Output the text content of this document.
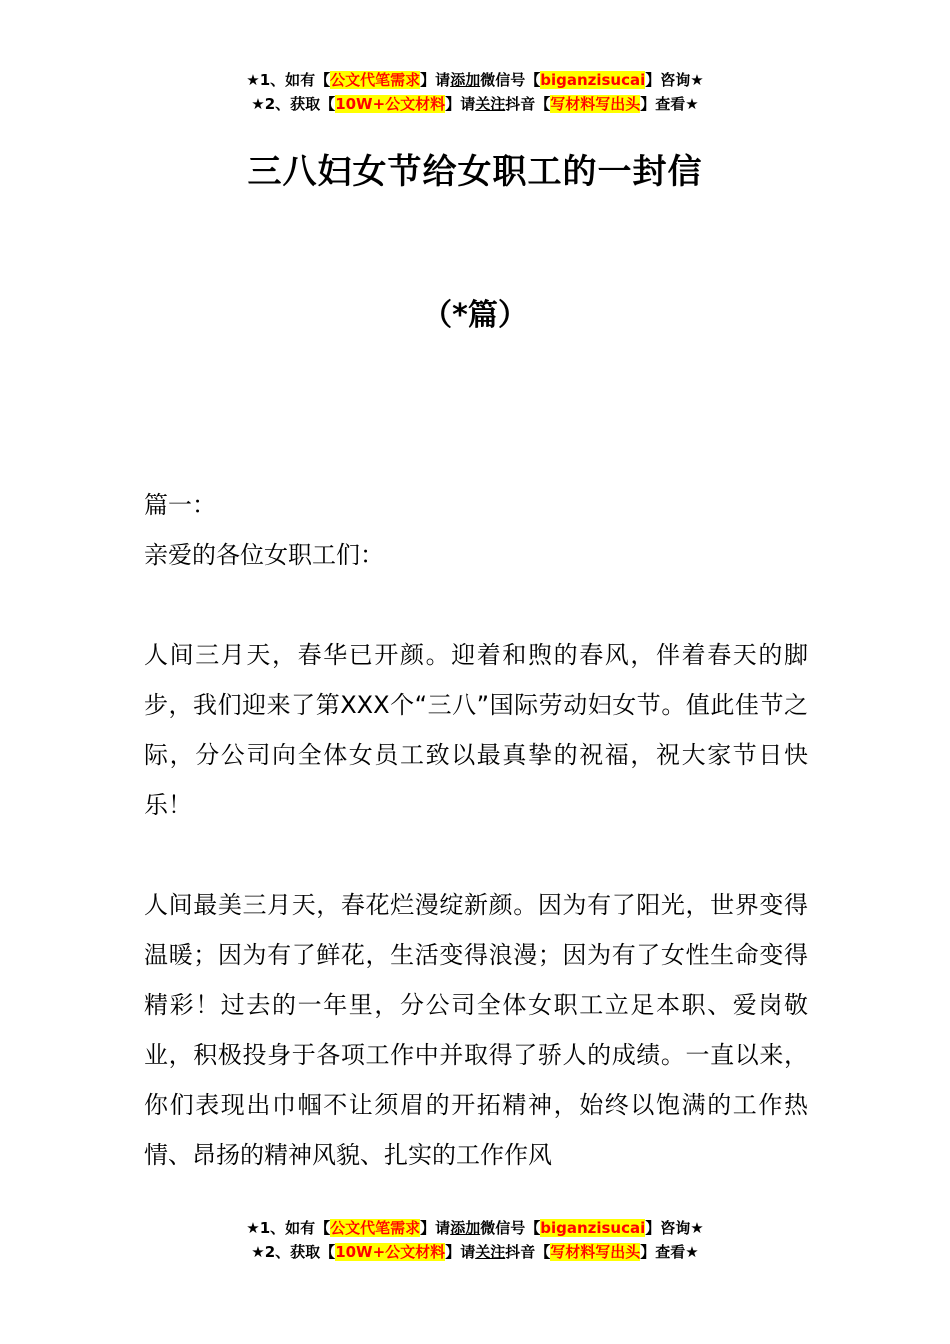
★1、如有【公文代笔需求】请添加微信号【biganzisucai】咨询★
★2、获取【10W+公文材料】请关注抖音【写材料写出头】查看★
三八妇女节给女职工的一封信
（*篇）

篇一：

亲爱的各位女职工们：

人间三月天，春华已开颜。迎着和煦的春风，伴着春天的脚步，我们迎来了第XXX个“三八”国际劳动妇女节。值此佳节之际，分公司向全体女员工致以最真挚的祝福，祝大家节日快乐！

人间最美三月天，春花烂漫绽新颜。因为有了阳光，世界变得温暖；因为有了鲜花，生活变得浪漫；因为有了女性生命变得精彩！过去的一年里，分公司全体女职工立足本职、爱岗敬业，积极投身于各项工作中并取得了骄人的成绩。一直以来，你们表现出巾帼不让须眉的开拓精神，始终以饱满的工作热情、昂扬的精神风貌、扎实的工作作风

★1、如有【公文代笔需求】请添加微信号【biganzisucai】咨询★
★2、获取【10W+公文材料】请关注抖音【写材料写出头】查看★
